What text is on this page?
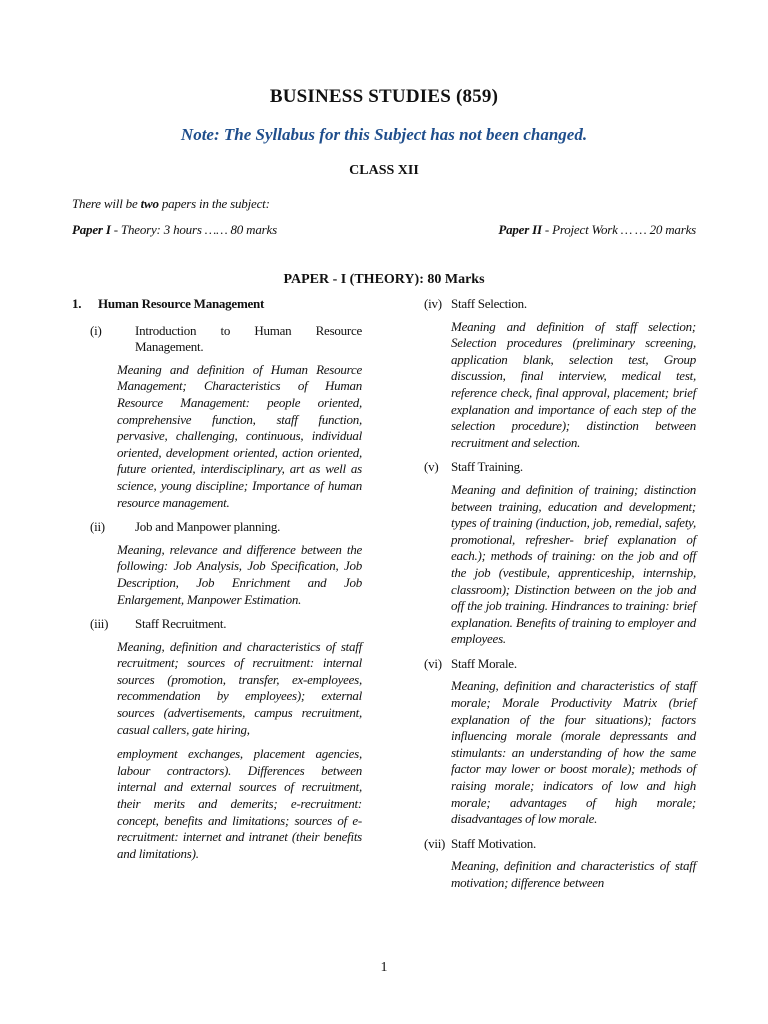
BUSINESS STUDIES (859)
Note: The Syllabus for this Subject has not been changed.
CLASS XII
There will be two papers in the subject:
Paper I - Theory: 3 hours …… 80 marks	Paper II - Project Work … … 20 marks
PAPER - I (THEORY): 80 Marks
1.	Human Resource Management
(i)	Introduction to Human Resource Management.

Meaning and definition of Human Resource Management; Characteristics of Human Resource Management: people oriented, comprehensive function, staff function, pervasive, challenging, continuous, individual oriented, development oriented, action oriented, future oriented, interdisciplinary, art as well as science, young discipline; Importance of human resource management.

(ii)	Job and Manpower planning.

Meaning, relevance and difference between the following: Job Analysis, Job Specification, Job Description, Job Enrichment and Job Enlargement, Manpower Estimation.

(iii)	Staff Recruitment.

Meaning, definition and characteristics of staff recruitment; sources of recruitment: internal sources (promotion, transfer, ex-employees, recommendation by employees); external sources (advertisements, campus recruitment, casual callers, gate hiring,

employment exchanges, placement agencies, labour contractors). Differences between internal and external sources of recruitment, their merits and demerits; e-recruitment: concept, benefits and limitations; sources of e-recruitment: internet and intranet (their benefits and limitations).

(iv) Staff Selection.

Meaning and definition of staff selection; Selection procedures (preliminary screening, application blank, selection test, Group discussion, final interview, medical test, reference check, final approval, placement; brief explanation and importance of each step of the selection procedure); distinction between recruitment and selection.

(v) Staff Training.

Meaning and definition of training; distinction between training, education and development; types of training (induction, job, remedial, safety, promotional, refresher- brief explanation of each.); methods of training: on the job and off the job (vestibule, apprenticeship, internship, classroom); Distinction between on the job and off the job training. Hindrances to training: brief explanation. Benefits of training to employer and employees.

(vi) Staff Morale.

Meaning, definition and characteristics of staff morale; Morale Productivity Matrix (brief explanation of the four situations); factors influencing morale (morale depressants and stimulants: an understanding of how the same factor may lower or boost morale); methods of raising morale; indicators of low and high morale; advantages of high morale; disadvantages of low morale.

(vii) Staff Motivation.

Meaning, definition and characteristics of staff motivation; difference between

1
